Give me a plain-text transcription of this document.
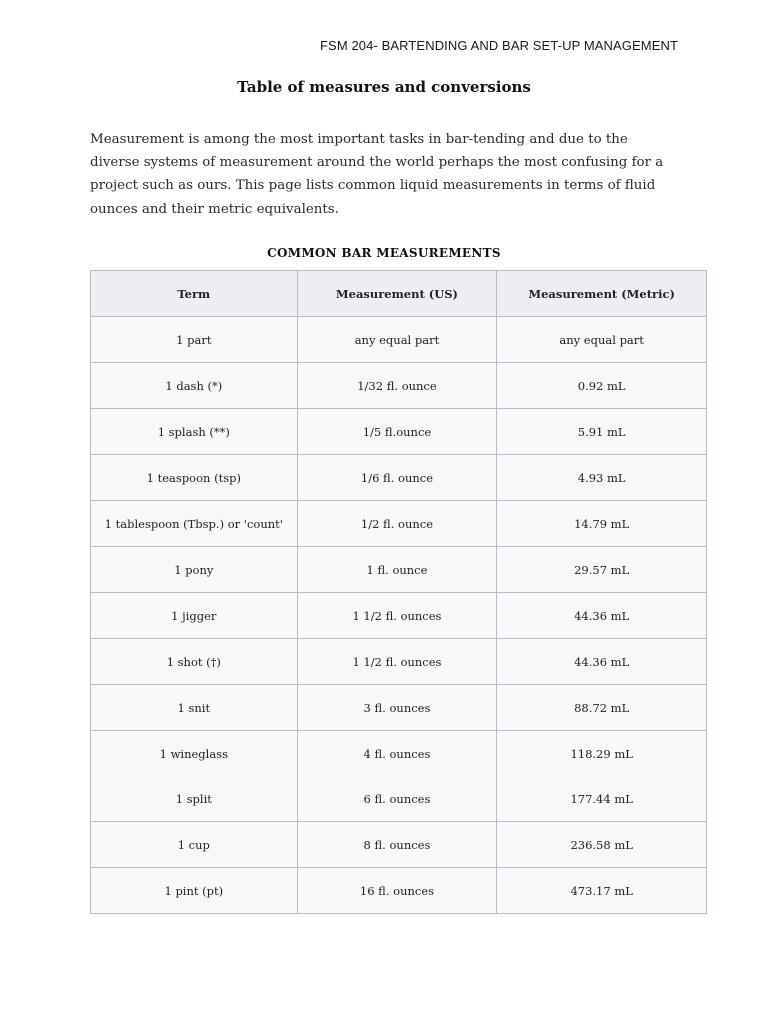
FSM 204- BARTENDING AND BAR SET-UP MANAGEMENT
Table of measures and conversions

Measurement is among the most important tasks in bar-tending and due to the diverse systems of measurement around the world perhaps the most confusing for a project such as ours. This page lists common liquid measurements in terms of fluid ounces and their metric equivalents.

COMMON BAR MEASUREMENTS
Term	Measurement (US)	Measurement (Metric)
1 part	any equal part	any equal part
1 dash (*)	1/32 fl. ounce	0.92 mL
1 splash (**)	1/5 fl.ounce	5.91 mL
1 teaspoon (tsp)	1/6 fl. ounce	4.93 mL
1 tablespoon (Tbsp.) or 'count'	1/2 fl. ounce	14.79 mL
1 pony	1 fl. ounce	29.57 mL
1 jigger	1 1/2 fl. ounces	44.36 mL
1 shot (†)	1 1/2 fl. ounces	44.36 mL
1 snit	3 fl. ounces	88.72 mL
1 wineglass	4 fl. ounces	118.29 mL
1 split	6 fl. ounces	177.44 mL
1 cup	8 fl. ounces	236.58 mL
1 pint (pt)	16 fl. ounces	473.17 mL
